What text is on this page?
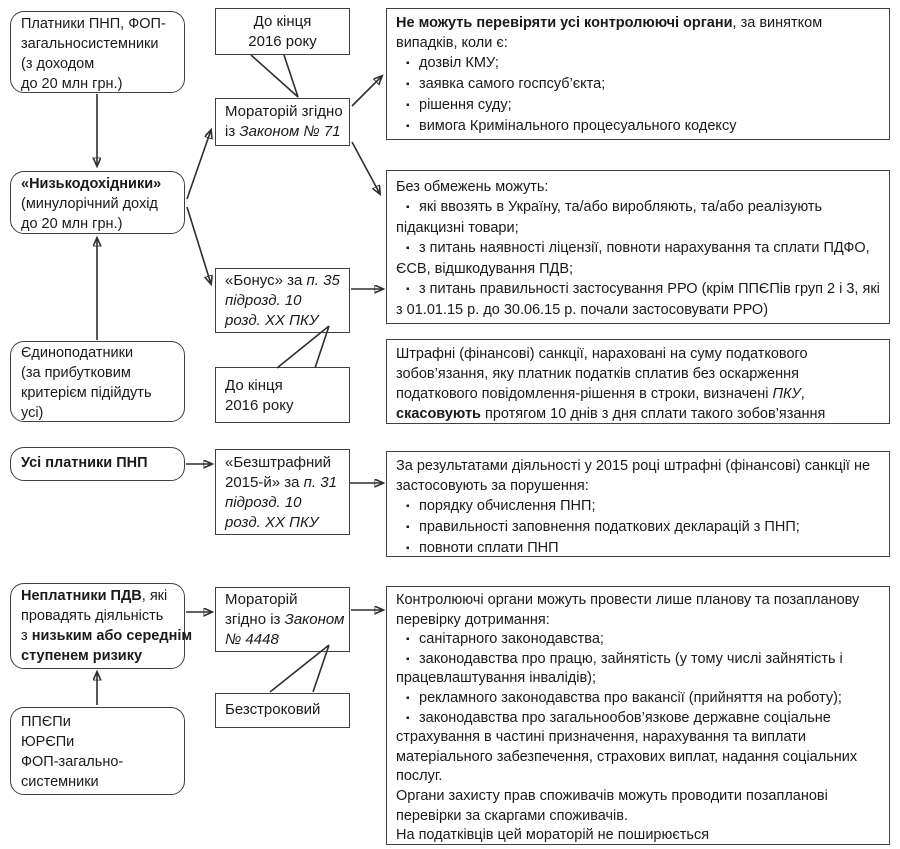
Платники ПНП, ФОП-
загальносистемники
(з доходом
до 20 млн грн.)
«Низькодохідники»
(минулорічний дохід
до 20 млн грн.)
Єдиноподатники
(за прибутковим
критерієм підійдуть
усі)
Усі платники ПНП
Неплатники ПДВ, які
провадять діяльність
з низьким або середнім
ступенем ризику
ППЄПи
ЮРЄПи
ФОП-загально-
системники
До кінця
2016 року
Мораторій згідно
із Законом № 71
«Бонус» за п. 35
підрозд. 10
розд. ХХ ПКУ
До кінця
2016 року
«Безштрафний
2015-й» за п. 31
підрозд. 10
розд. ХХ ПКУ
Мораторій
згідно із Законом
№ 4448
Безстроковий
Не можуть перевіряти усі контролюючі органи, за винятком випадків, коли є:
▪ дозвіл КМУ;
▪ заявка самого госпсуб’єкта;
▪ рішення суду;
▪ вимога Кримінального процесуального кодексу
Без обмежень можуть:
▪ які ввозять в Україну, та/або виробляють, та/або реалізують підакцизні товари;
▪ з питань наявності ліцензії, повноти нарахування та сплати ПДФО, ЄСВ, відшкодування ПДВ;
▪ з питань правильності застосування РРО (крім ППЄПів груп 2 і 3, які з 01.01.15 р. до 30.06.15 р. почали застосовувати РРО)
Штрафні (фінансові) санкції, нараховані на суму податкового зобов’язання, яку платник податків сплатив без оскарження податкового повідомлення-рішення в строки, визначені ПКУ, скасовують протягом 10 днів з дня сплати такого зобов’язання
За результатами діяльності у 2015 році штрафні (фінансові) санкції не застосовують за порушення:
▪ порядку обчислення ПНП;
▪ правильності заповнення податкових декларацій з ПНП;
▪ повноти сплати ПНП
Контролюючі органи можуть провести лише планову та позапланову перевірку дотримання:
▪ санітарного законодавства;
▪ законодавства про працю, зайнятість (у тому числі зайнятість і працевлаштування інвалідів);
▪ рекламного законодавства про вакансії (прийняття на роботу);
▪ законодавства про загальнообов’язкове державне соціальне страхування в частині призначення, нарахування та виплати матеріального забезпечення, страхових виплат, надання соціальних послуг.
Органи захисту прав споживачів можуть проводити позапланові перевірки за скаргами споживачів.
На податківців цей мораторій не поширюється
